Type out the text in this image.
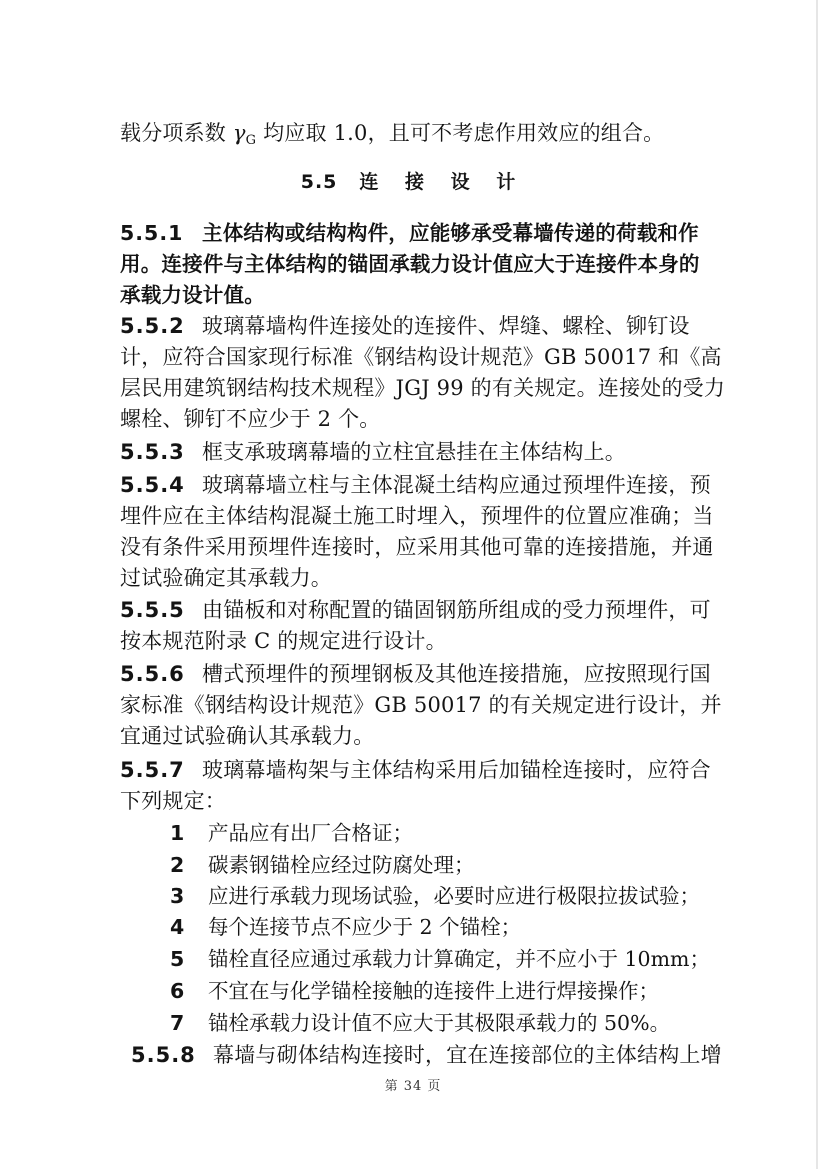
载分项系数 $\gamma_G$ 均应取 1.0，且可不考虑作用效应的组合。
5.5 连 接 设 计
5.5.1 主体结构或结构构件，应能够承受幕墙传递的荷载和作
用。连接件与主体结构的锚固承载力设计值应大于连接件本身的
承载力设计值。
5.5.2 玻璃幕墙构件连接处的连接件、焊缝、螺栓、铆钉设
计，应符合国家现行标准《钢结构设计规范》GB 50017 和《高
层民用建筑钢结构技术规程》JGJ 99 的有关规定。连接处的受力
螺栓、铆钉不应少于 2 个。
5.5.3 框支承玻璃幕墙的立柱宜悬挂在主体结构上。
5.5.4 玻璃幕墙立柱与主体混凝土结构应通过预埋件连接，预
埋件应在主体结构混凝土施工时埋入，预埋件的位置应准确；当
没有条件采用预埋件连接时，应采用其他可靠的连接措施，并通
过试验确定其承载力。
5.5.5 由锚板和对称配置的锚固钢筋所组成的受力预埋件，可
按本规范附录 C 的规定进行设计。
5.5.6 槽式预埋件的预埋钢板及其他连接措施，应按照现行国
家标准《钢结构设计规范》GB 50017 的有关规定进行设计，并
宜通过试验确认其承载力。
5.5.7 玻璃幕墙构架与主体结构采用后加锚栓连接时，应符合
下列规定：
1 产品应有出厂合格证；
2 碳素钢锚栓应经过防腐处理；
3 应进行承载力现场试验，必要时应进行极限拉拔试验；
4 每个连接节点不应少于 2 个锚栓；
5 锚栓直径应通过承载力计算确定，并不应小于 10mm；
6 不宜在与化学锚栓接触的连接件上进行焊接操作；
7 锚栓承载力设计值不应大于其极限承载力的 50%。
5.5.8 幕墙与砌体结构连接时，宜在连接部位的主体结构上增
第 34 页
